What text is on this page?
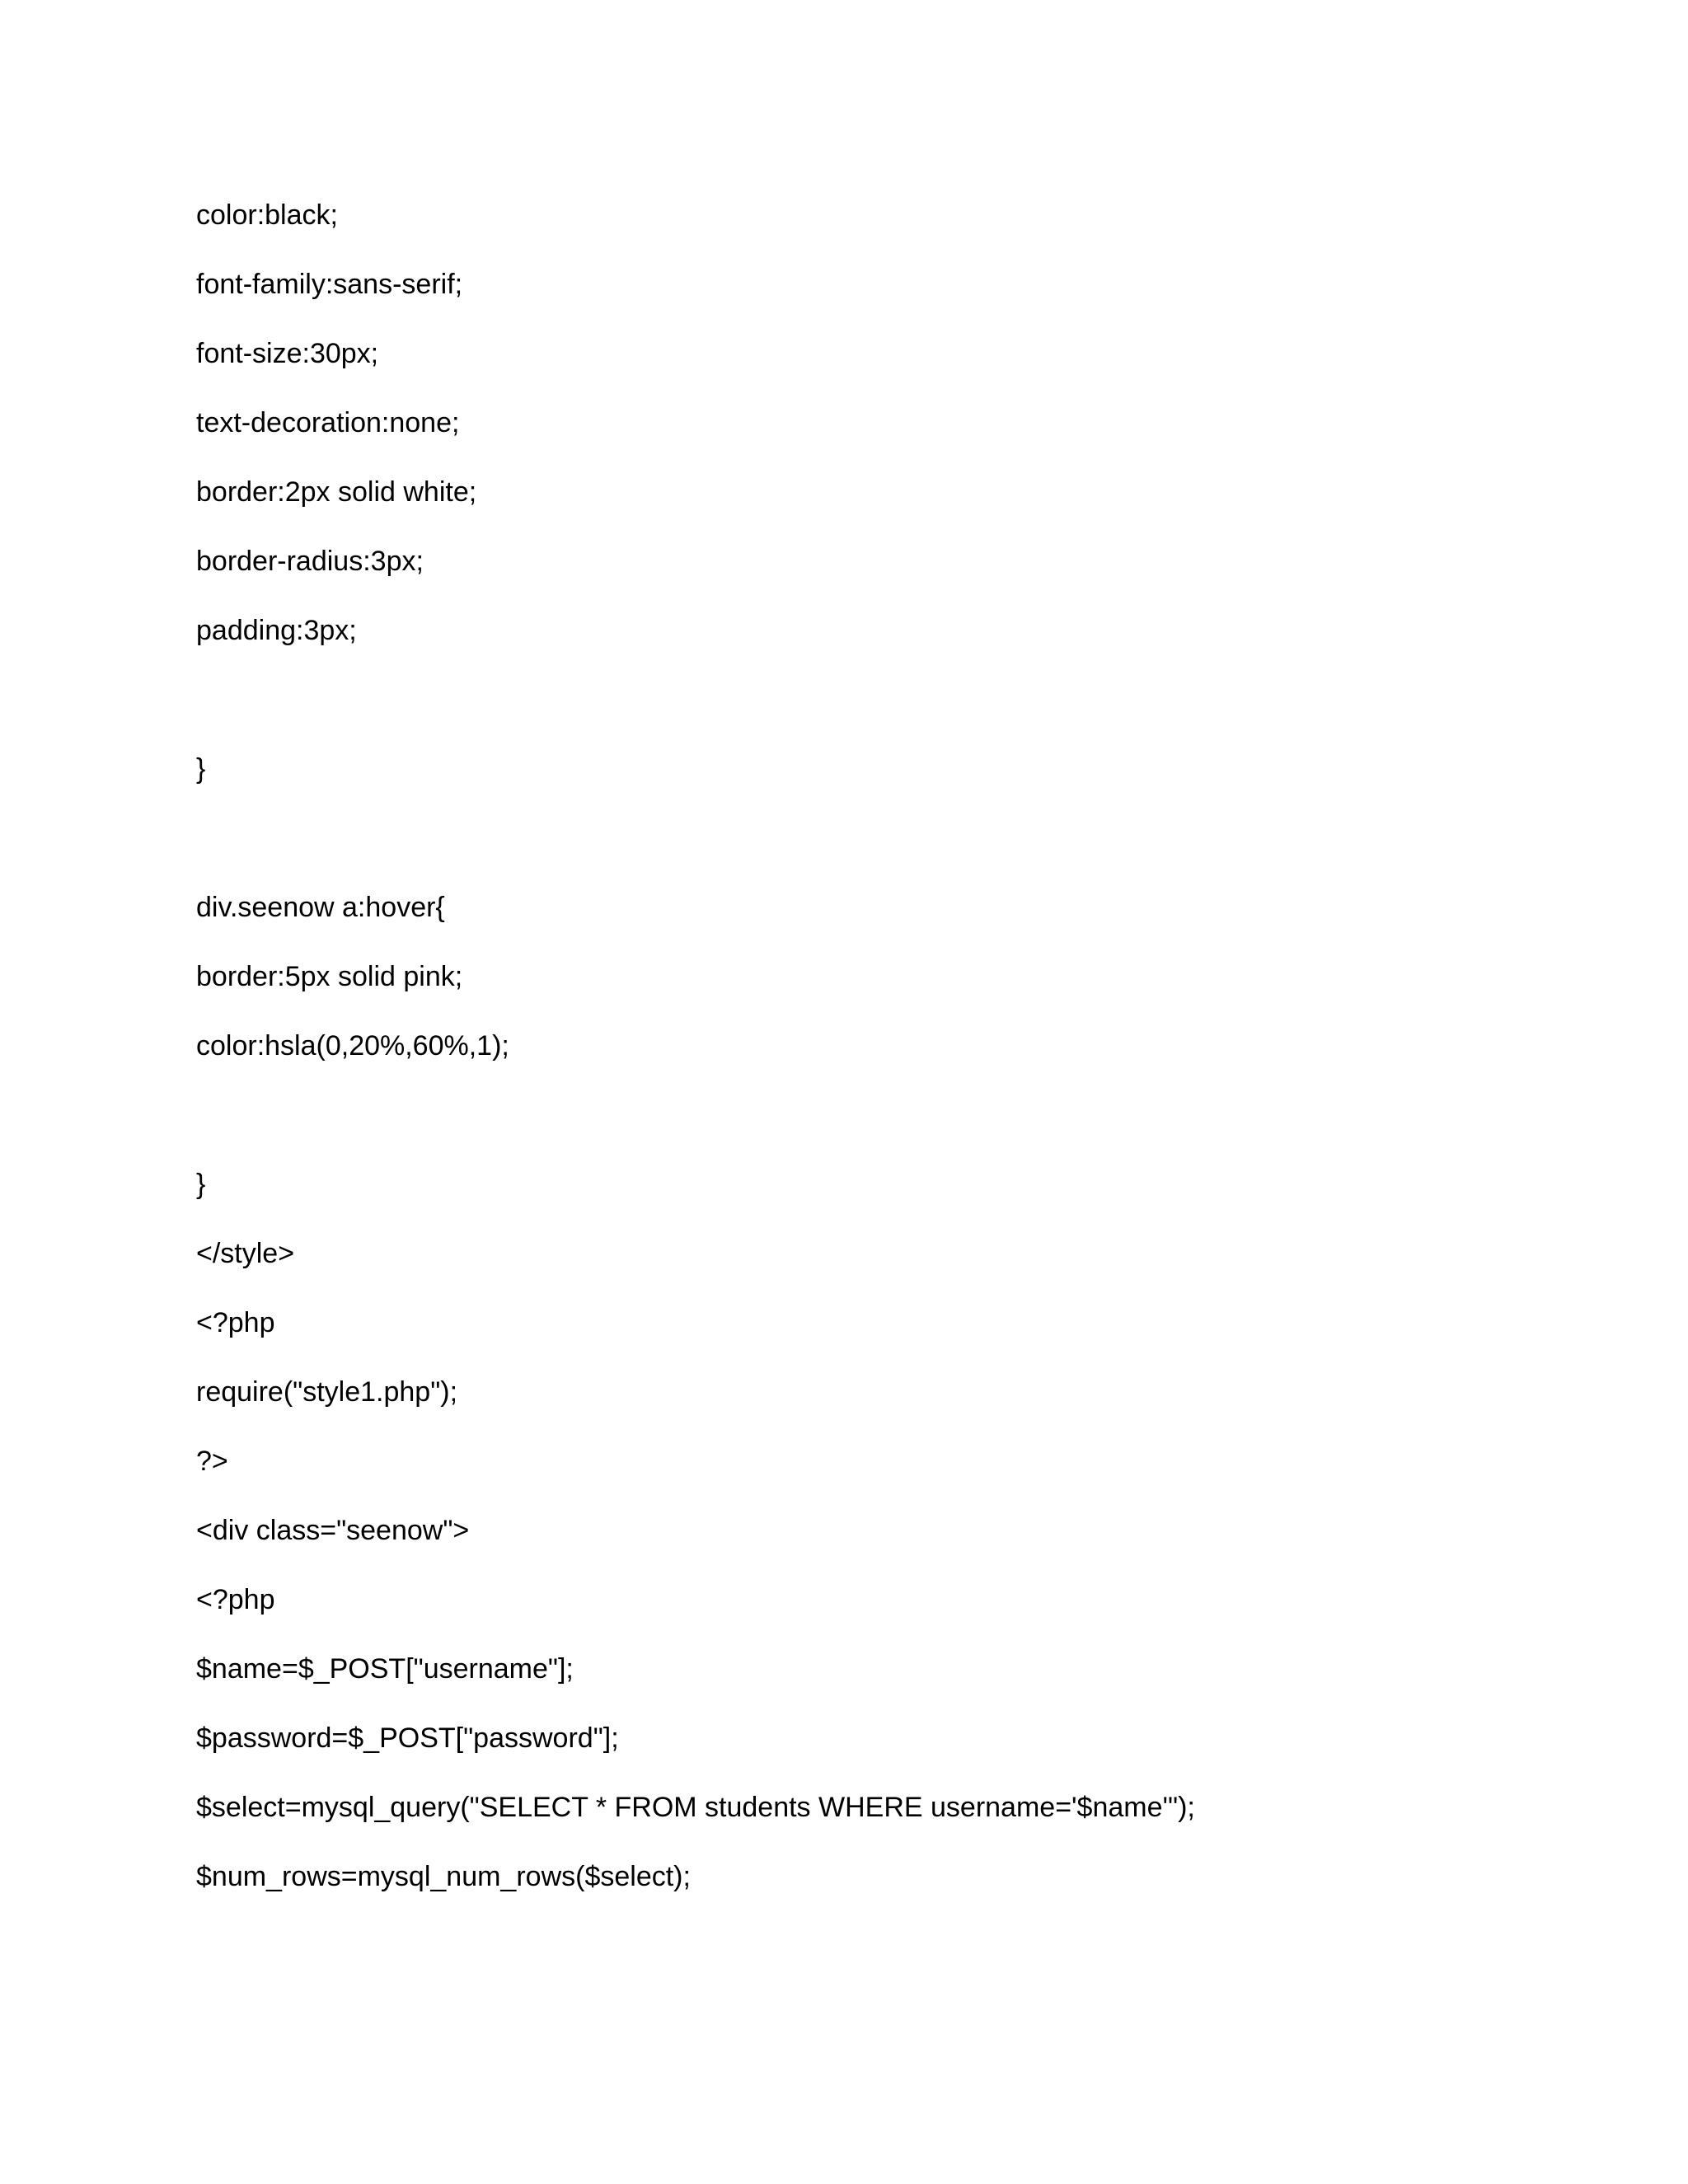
color:black;

font-family:sans-serif;

font-size:30px;

text-decoration:none;

border:2px solid white;

border-radius:3px;

padding:3px;

}

div.seenow a:hover{

border:5px solid pink;

color:hsla(0,20%,60%,1);

}

</style>

<?php

require("style1.php");

?>

<div class="seenow">

<?php

$name=$_POST["username"];

$password=$_POST["password"];

$select=mysql_query("SELECT * FROM students WHERE username='$name'");

$num_rows=mysql_num_rows($select);
